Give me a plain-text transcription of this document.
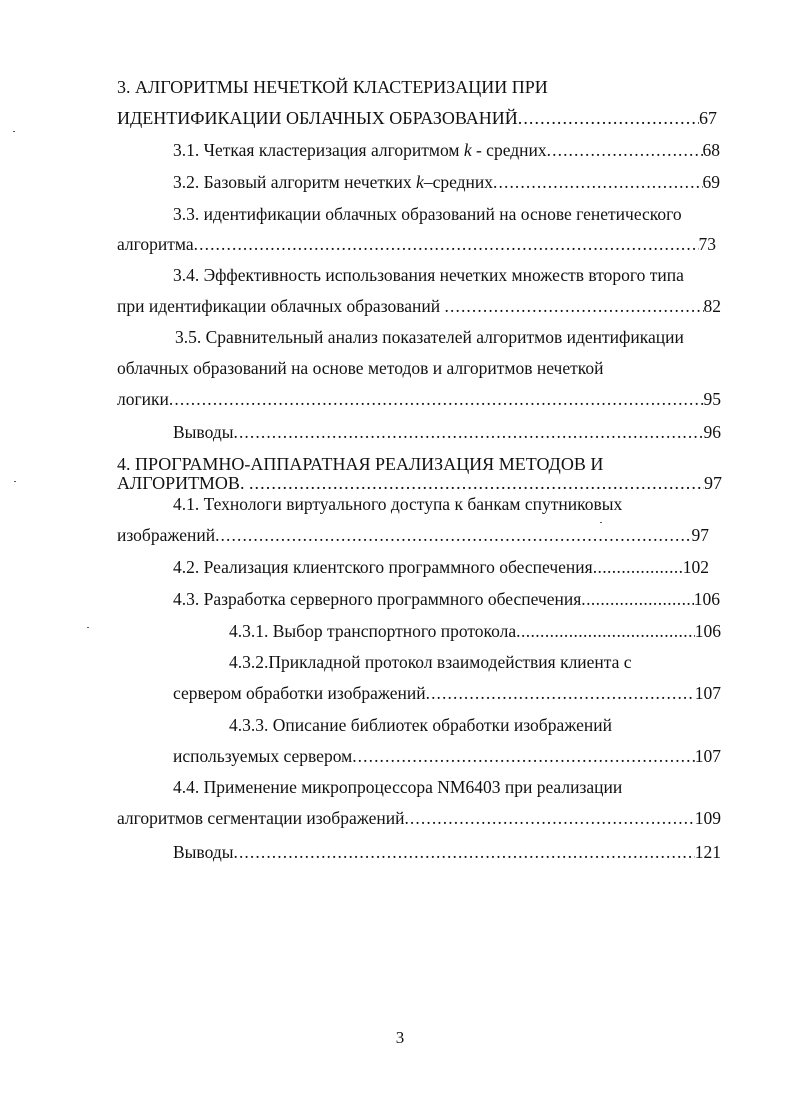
3. АЛГОРИТМЫ НЕЧЕТКОЙ КЛАСТЕРИЗАЦИИ ПРИ
ИДЕНТИФИКАЦИИ ОБЛАЧНЫХ ОБРАЗОВАНИЙ .....	67
3.1. Четкая кластеризация алгоритмом k - средних .....	68
3.2. Базовый алгоритм нечетких k –средних .....	69
3.3. идентификации облачных образований на основе генетического
алгоритма .....	73
3.4. Эффективность использования нечетких множеств второго типа
при идентификации облачных образований .....	82
3.5. Сравнительный анализ показателей алгоритмов идентификации
облачных образований на основе методов и алгоритмов нечеткой
логики .....	95
Выводы .....	96
4. ПРОГРАМНО-АППАРАТНАЯ РЕАЛИЗАЦИЯ МЕТОДОВ И
АЛГОРИТМОВ. .....	97
4.1. Технологи виртуального доступа к банкам спутниковых
изображений .....	97
4.2. Реализация клиентского программного обеспечения .....	102
4.3. Разработка серверного программного обеспечения .....	106
4.3.1. Выбор транспортного протокола .....	106
4.3.2.Прикладной протокол взаимодействия клиента с
сервером обработки изображений .....	107
4.3.3. Описание библиотек обработки изображений
используемых сервером .....	107
4.4. Применение микропроцессора NM6403 при реализации
алгоритмов сегментации изображений .....	109
Выводы .....	121
3
